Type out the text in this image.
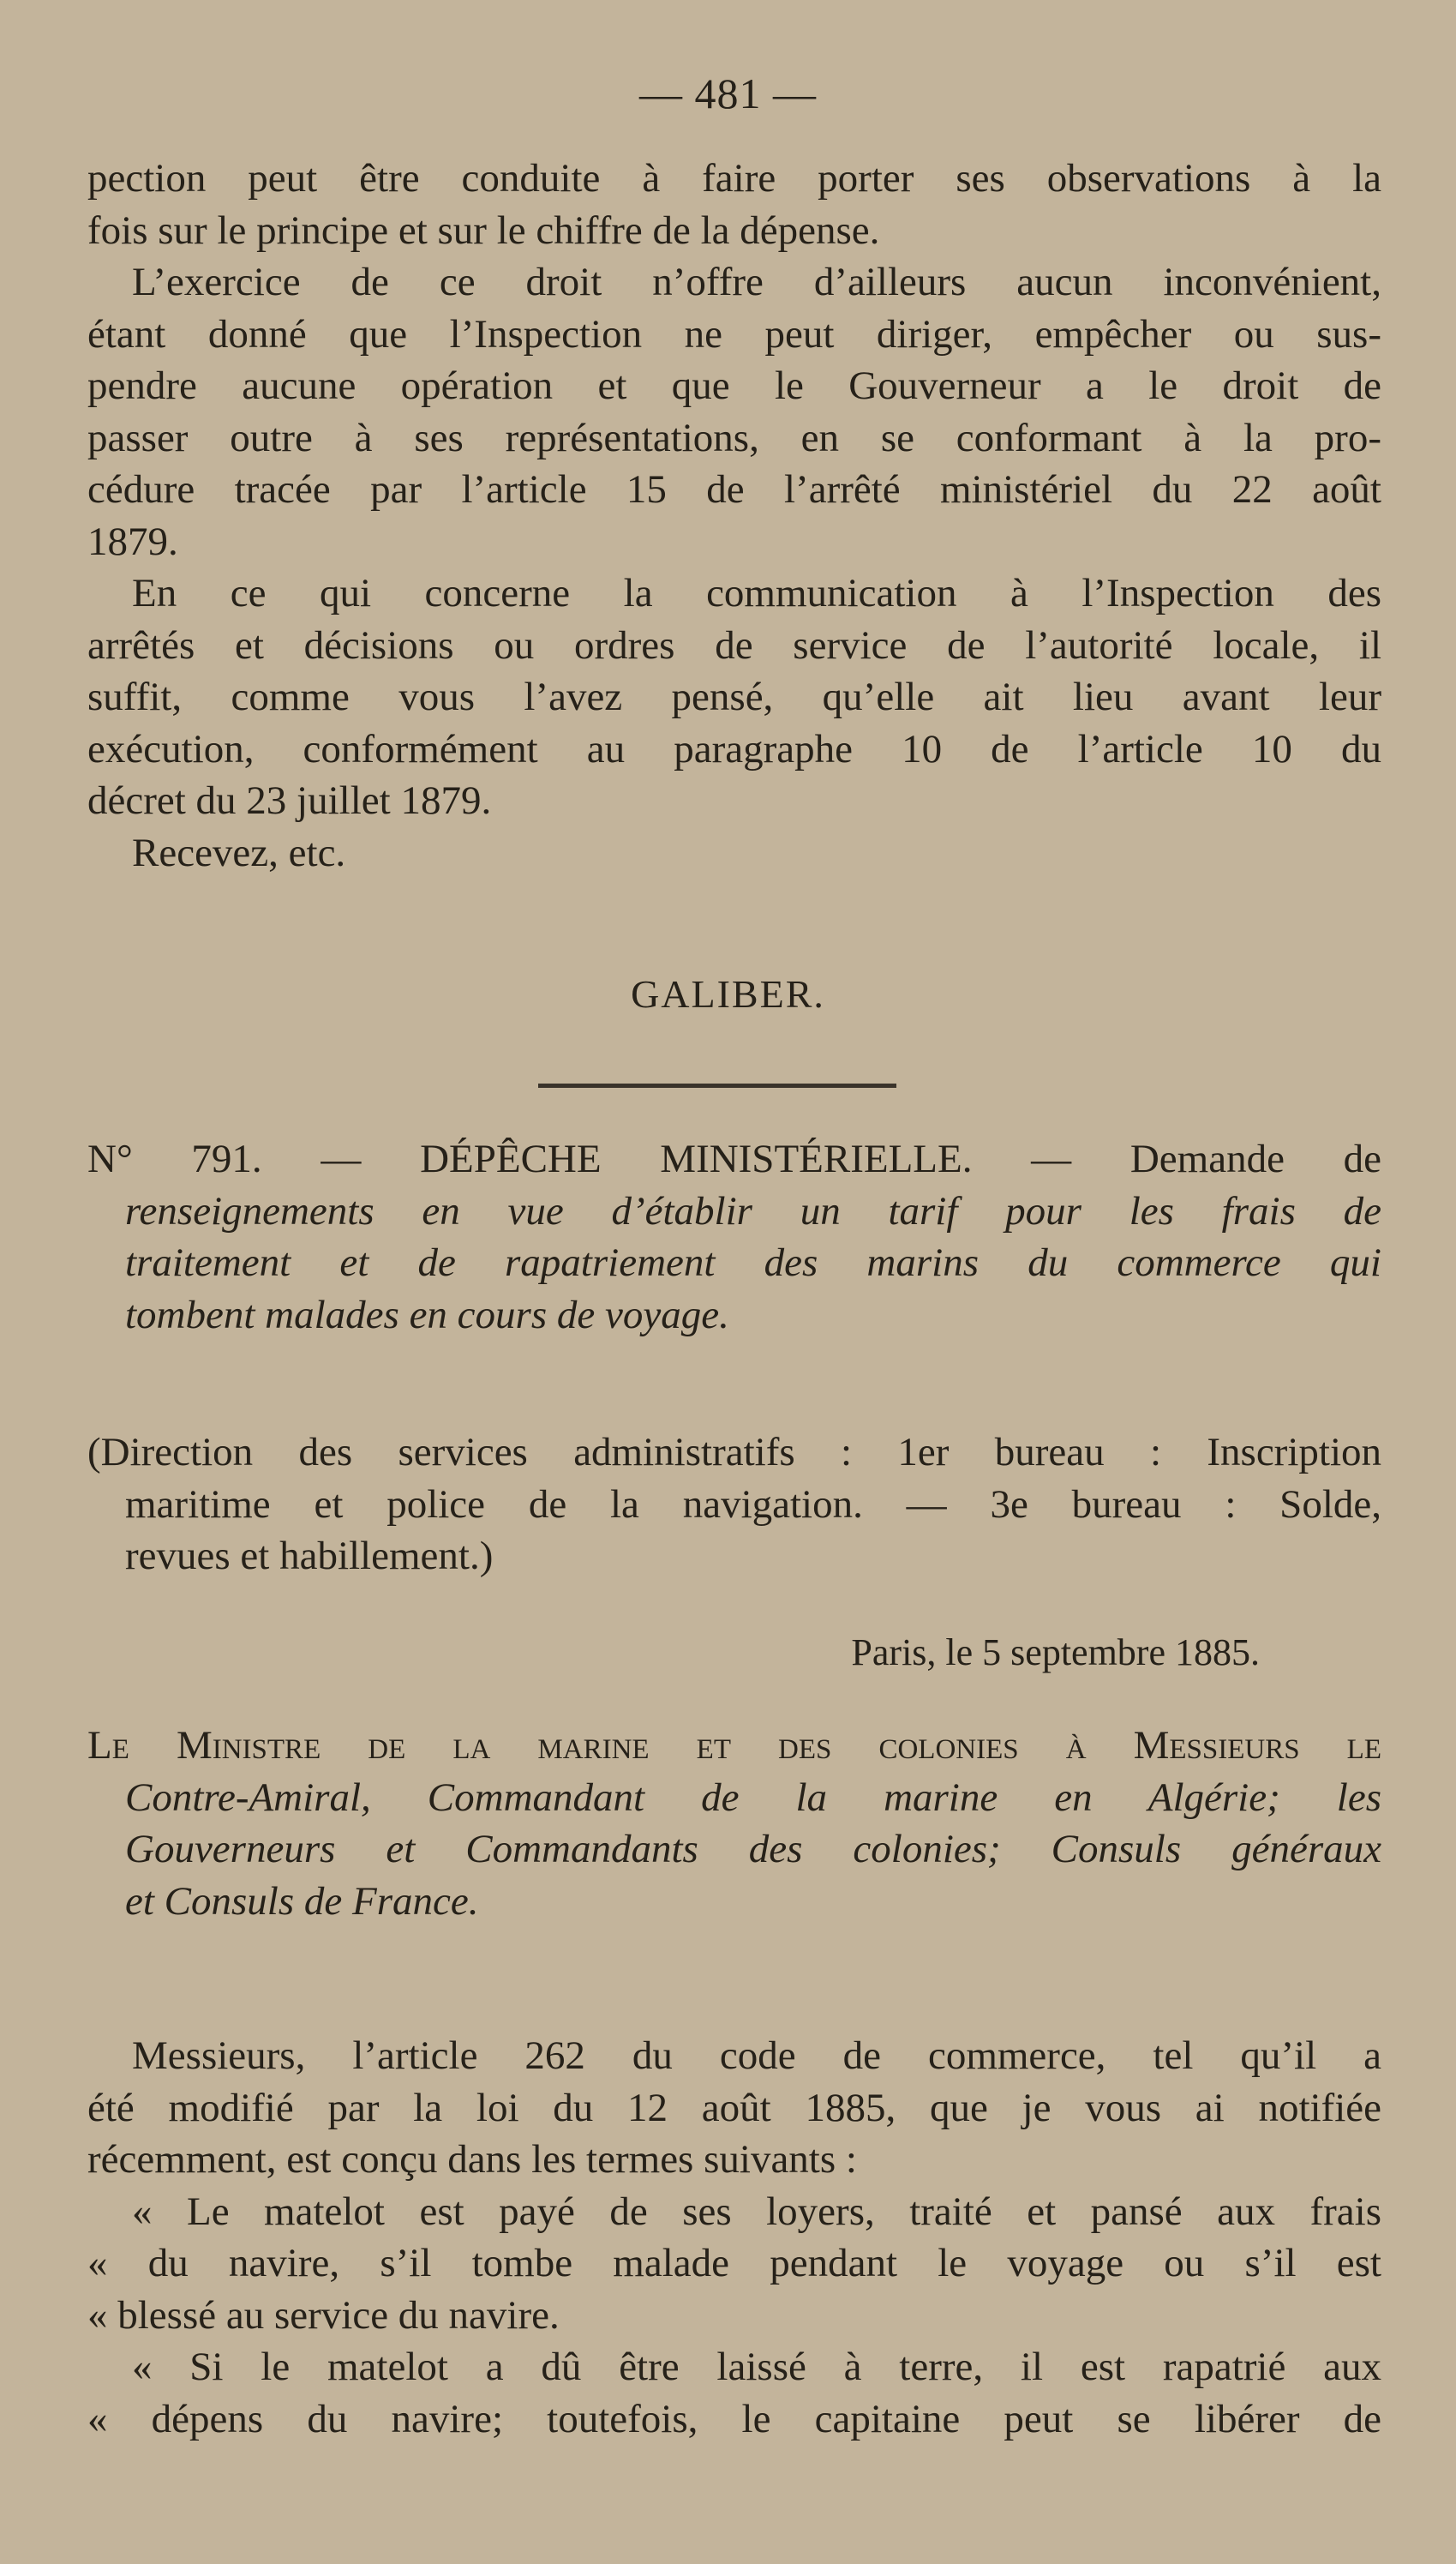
— 481 —
pection peut être conduite à faire porter ses observations à la
fois sur le principe et sur le chiffre de la dépense.
L’exercice de ce droit n’offre d’ailleurs aucun inconvénient,
étant donné que l’Inspection ne peut diriger, empêcher ou sus-
pendre aucune opération et que le Gouverneur a le droit de
passer outre à ses représentations, en se conformant à la pro-
cédure tracée par l’article 15 de l’arrêté ministériel du 22 août
1879.
En ce qui concerne la communication à l’Inspection des
arrêtés et décisions ou ordres de service de l’autorité locale, il
suffit, comme vous l’avez pensé, qu’elle ait lieu avant leur
exécution, conformément au paragraphe 10 de l’article 10 du
décret du 23 juillet 1879.
Recevez, etc.
GALIBER.
N° 791. — DÉPÊCHE MINISTÉRIELLE. — Demande de
renseignements en vue d’établir un tarif pour les frais de
traitement et de rapatriement des marins du commerce qui
tombent malades en cours de voyage.
(Direction des services administratifs : 1er bureau : Inscription
maritime et police de la navigation. — 3e bureau : Solde,
revues et habillement.)
Paris, le 5 septembre 1885.
Le Ministre de la marine et des colonies à Messieurs le
Contre-Amiral, Commandant de la marine en Algérie; les
Gouverneurs et Commandants des colonies; Consuls généraux
et Consuls de France.
Messieurs, l’article 262 du code de commerce, tel qu’il a
été modifié par la loi du 12 août 1885, que je vous ai notifiée
récemment, est conçu dans les termes suivants :
« Le matelot est payé de ses loyers, traité et pansé aux frais
« du navire, s’il tombe malade pendant le voyage ou s’il est
« blessé au service du navire.
« Si le matelot a dû être laissé à terre, il est rapatrié aux
« dépens du navire; toutefois, le capitaine peut se libérer de
